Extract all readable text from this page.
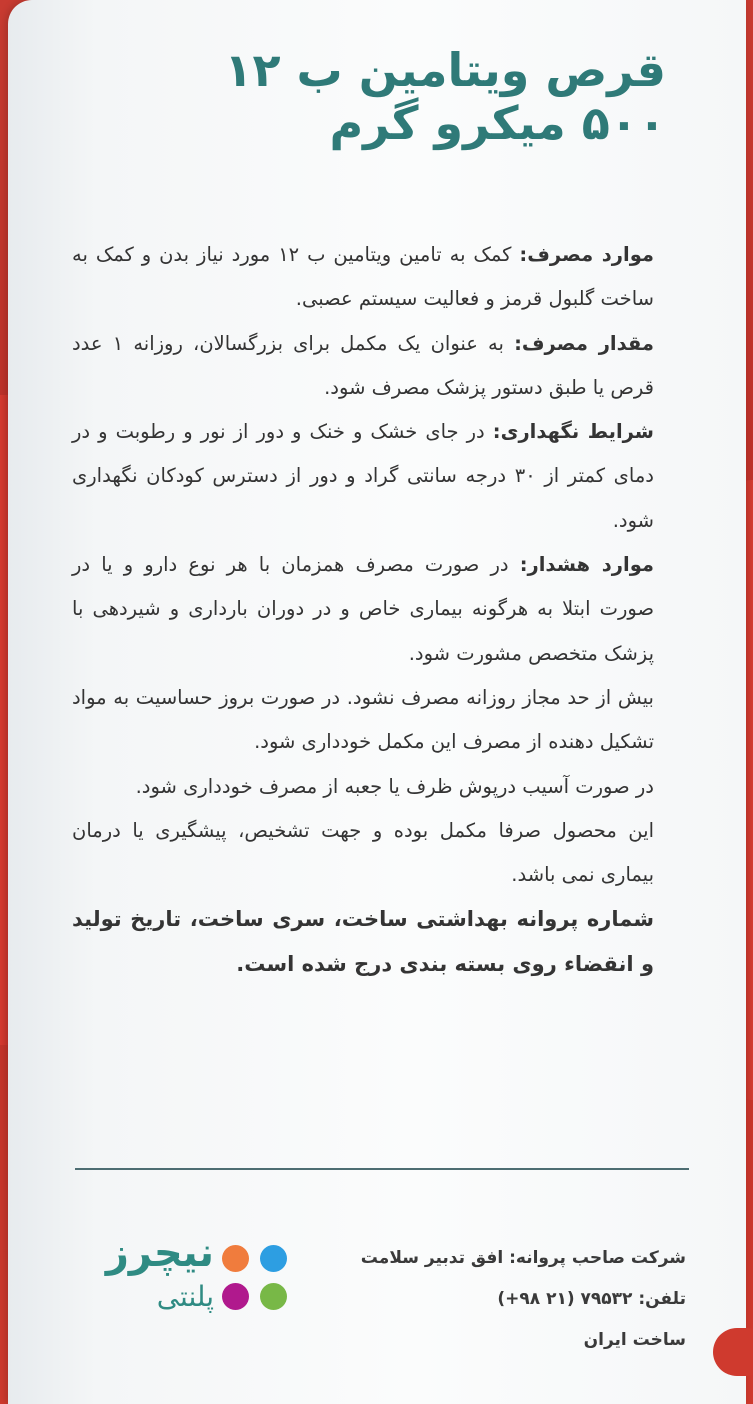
قرص ویتامین ب ۱۲
۵۰۰ میکرو گرم

موارد مصرف: کمک به تامین ویتامین ب ۱۲ مورد نیاز بدن و کمک به ساخت گلبول قرمز و فعالیت سیستم عصبی.

مقدار مصرف: به عنوان یک مکمل برای بزرگسالان، روزانه ۱ عدد قرص یا طبق دستور پزشک مصرف شود.

شرایط نگهداری: در جای خشک و خنک و دور از نور و رطوبت و در دمای کمتر از ۳۰ درجه سانتی گراد و دور از دسترس کودکان نگهداری شود.

موارد هشدار: در صورت مصرف همزمان با هر نوع دارو و یا در صورت ابتلا به هرگونه بیماری خاص و در دوران بارداری و شیردهی با پزشک متخصص مشورت شود.

بیش از حد مجاز روزانه مصرف نشود. در صورت بروز حساسیت به مواد تشکیل دهنده از مصرف این مکمل خودداری شود.

در صورت آسیب درپوش ظرف یا جعبه از مصرف خودداری شود.

این محصول صرفا مکمل بوده و جهت تشخیص، پیشگیری یا درمان بیماری نمی باشد.

شماره پروانه بهداشتی ساخت، سری ساخت، تاریخ تولید و انقضاء روی بسته بندی درج شده است.

نیچرز
پلنتی
شرکت صاحب پروانه: افق تدبیر سلامت
تلفن: ۷۹۵۳۲ (۲۱ ۹۸+)
ساخت ایران
